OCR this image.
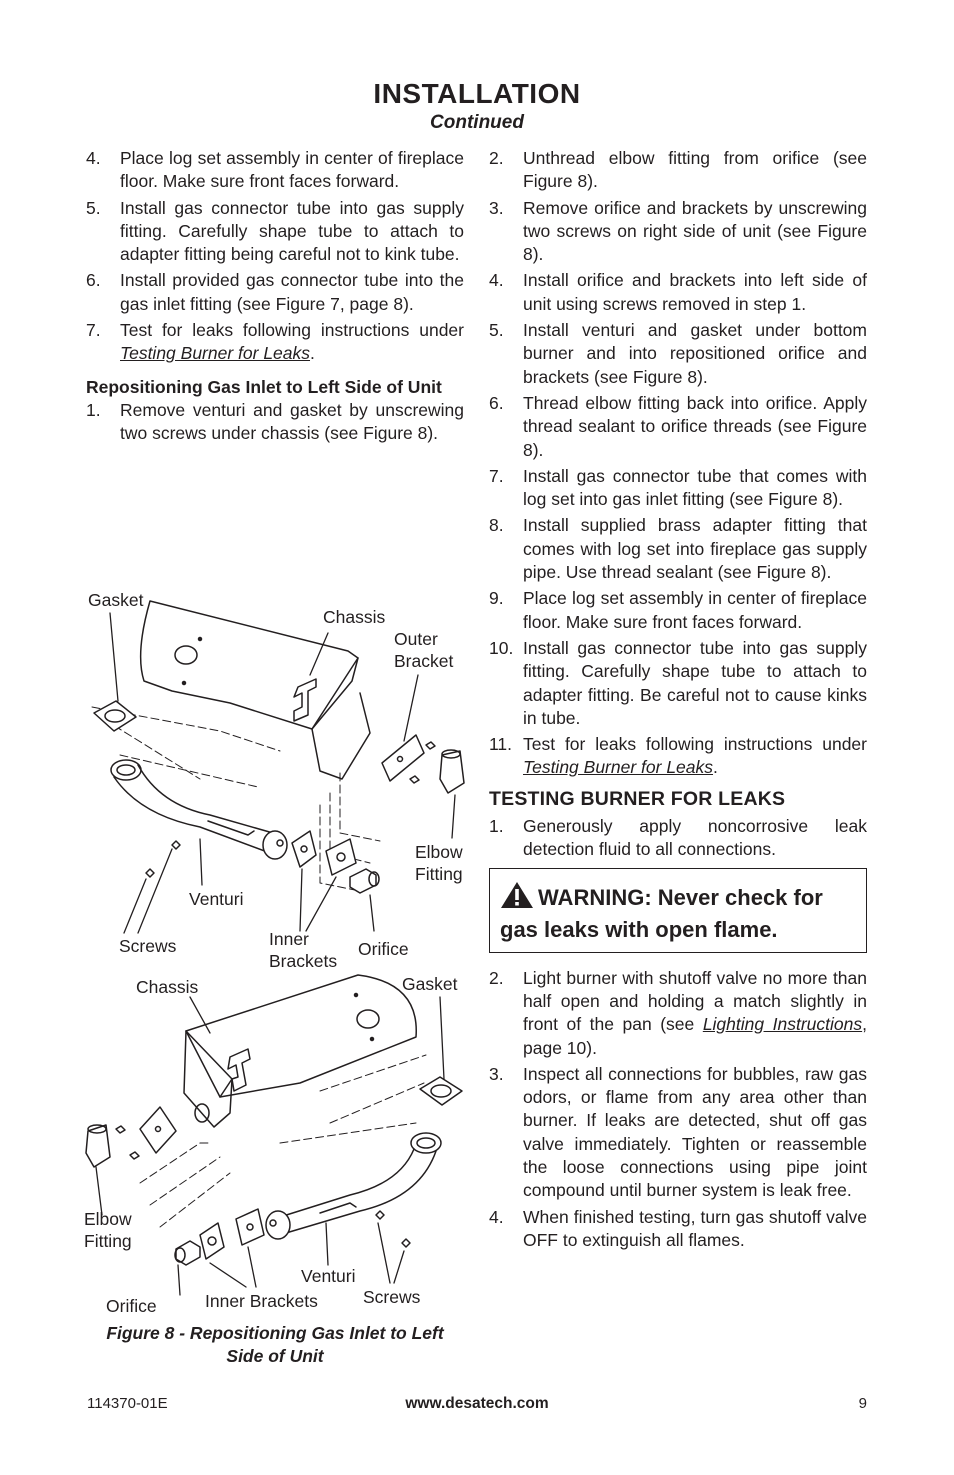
INSTALLATION
Continued
4.	Place log set assembly in center of fireplace floor. Make sure front faces forward.
5.	Install gas connector tube into gas supply fitting. Carefully shape tube to attach to adapter fitting being careful not to kink tube.
6.	Install provided gas connector tube into the gas inlet fitting (see Figure 7, page 8).
7.	Test for leaks following instructions under Testing Burner for Leaks.
Repositioning Gas Inlet to Left Side of Unit
1.	Remove venturi and gasket by unscrewing two screws under chassis (see Figure 8).
Gasket
Chassis
Outer Bracket
Elbow Fitting
Venturi
Screws	Inner Brackets
Orifice
Chassis	Gasket
Elbow Fitting
Venturi
Orifice	Inner Brackets	Screws
Figure 8 - Repositioning Gas Inlet to Left Side of Unit
2.	Unthread elbow fitting from orifice (see Figure 8).
3.	Remove orifice and brackets by unscrewing two screws on right side of unit (see Figure 8).
4.	Install orifice and brackets into left side of unit using screws removed in step 1.
5.	Install venturi and gasket under bottom burner and into repositioned orifice and brackets (see Figure 8).
6.	Thread elbow fitting back into orifice. Apply thread sealant to orifice threads (see Figure 8).
7.	Install gas connector tube that comes with log set into gas inlet fitting (see Figure 8).
8.	Install supplied brass adapter fitting that comes with log set into fireplace gas supply pipe. Use thread sealant (see Figure 8).
9.	Place log set assembly in center of fireplace floor. Make sure front faces forward.
10. Install gas connector tube into gas supply fitting. Carefully shape tube to attach to adapter fitting. Be careful not to cause kinks in tube.
11. Test for leaks following instructions under Testing Burner for Leaks.
TESTING BURNER FOR LEAKS
1.	Generously apply noncorrosive leak detection fluid to all connections.
WARNING: Never check for gas leaks with open flame.
2.	Light burner with shutoff valve no more than half open and holding a match slightly in front of the pan (see Lighting Instructions, page 10).
3.	Inspect all connections for bubbles, raw gas odors, or flame from any area other than burner. If leaks are detected, shut off gas valve immediately. Tighten or reassemble the loose connections using pipe joint compound until burner system is leak free.
4.	When finished testing, turn gas shutoff valve OFF to extinguish all flames.
114370-01E	www.desatech.com	9
